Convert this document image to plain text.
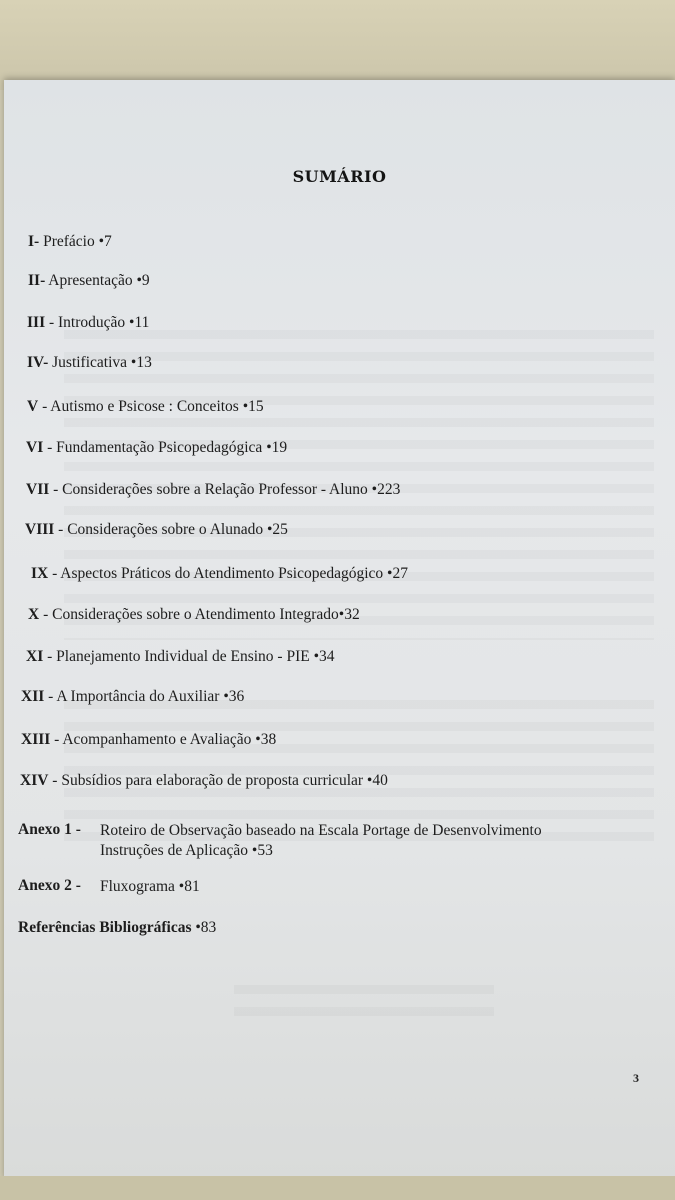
SUMÁRIO
I- Prefácio •7
II- Apresentação •9
III - Introdução •11
IV- Justificativa •13
V - Autismo e Psicose : Conceitos •15
VI - Fundamentação Psicopedagógica •19
VII - Considerações sobre a Relação Professor - Aluno •223
VIII - Considerações sobre o Alunado •25
IX - Aspectos Práticos do Atendimento Psicopedagógico •27
X - Considerações sobre o Atendimento Integrado•32
XI - Planejamento Individual de Ensino - PIE •34
XII - A Importância do Auxiliar •36
XIII - Acompanhamento e Avaliação •38
XIV - Subsídios para elaboração de proposta curricular •40
Anexo 1 - Roteiro de Observação baseado na Escala Portage de Desenvolvimento
Instruções de Aplicação •53
Anexo 2 - Fluxograma •81
Referências Bibliográficas •83
3
